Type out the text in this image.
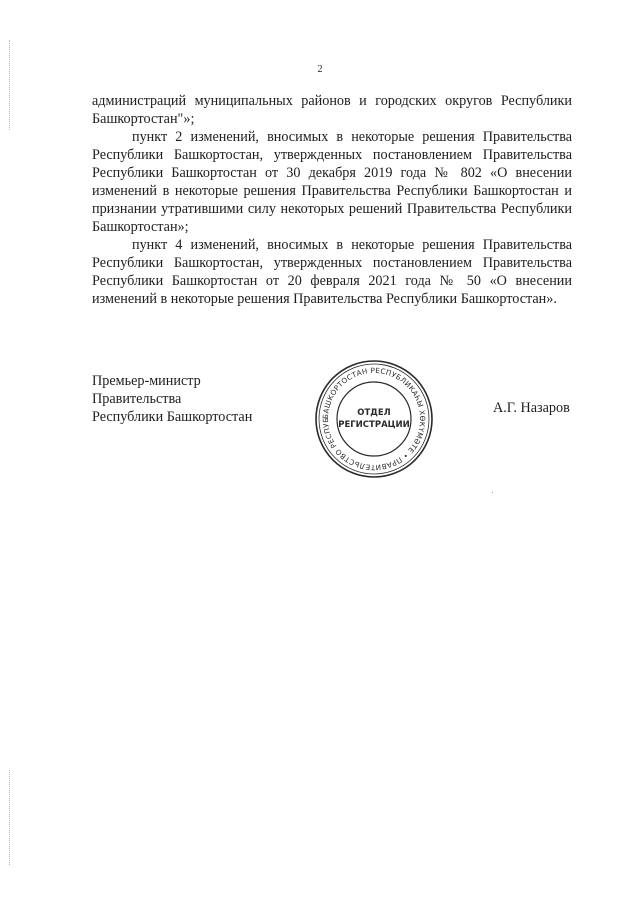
2

администраций муниципальных районов и городских округов Республики Башкортостан"»;

пункт 2 изменений, вносимых в некоторые решения Правительства Республики Башкортостан, утвержденных постановлением Правительства Республики Башкортостан от 30 декабря 2019 года № 802 «О внесении изменений в некоторые решения Правительства Республики Башкортостан и признании утратившими силу некоторых решений Правительства Республики Башкортостан»;

пункт 4 изменений, вносимых в некоторые решения Правительства Республики Башкортостан, утвержденных постановлением Правительства Республики Башкортостан от 20 февраля 2021 года № 50 «О внесении изменений в некоторые решения Правительства Республики Башкортостан».

Премьер-министр
Правительства
Республики Башкортостан	БАШКОРТОСТАН РЕСПУБЛИКАҺЫ ХӨКҮМӘТЕ • ПРАВИТЕЛЬСТВО РЕСПУБ
ОТДЕЛ
РЕГИСТРАЦИИ
А.Г. Назаров
